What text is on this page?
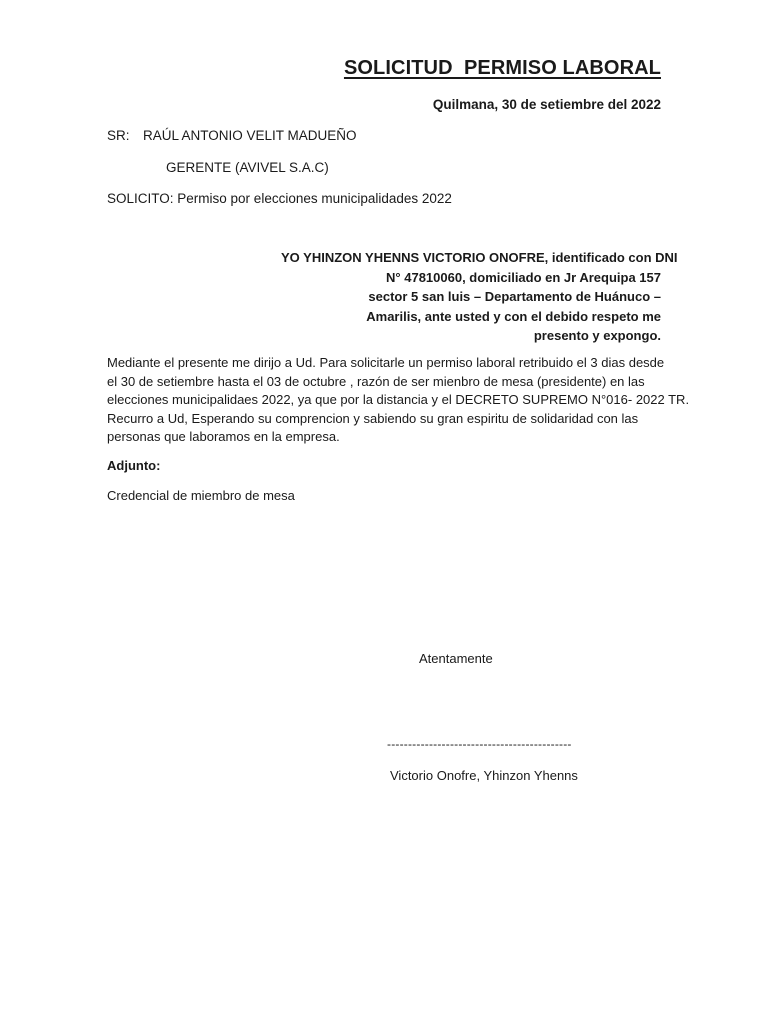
SOLICITUD  PERMISO LABORAL
Quilmana, 30 de setiembre del 2022
SR: RAÚL ANTONIO VELIT MADUEÑO
GERENTE (AVIVEL S.A.C)
SOLICITO: Permiso por elecciones municipalidades 2022
YO YHINZON YHENNS VICTORIO ONOFRE, identificado con DNI
N° 47810060, domiciliado en Jr Arequipa 157
sector 5 san luis – Departamento de Huánuco –
Amarilis, ante usted y con el debido respeto me
presento y expongo.
Mediante el presente me dirijo a Ud. Para solicitarle un permiso laboral retribuido el 3 dias desde
el 30 de setiembre hasta el 03 de octubre , razón de ser mienbro de mesa (presidente) en las
elecciones municipalidaes 2022, ya que por la distancia y el DECRETO SUPREMO N°016- 2022 TR.
Recurro a Ud, Esperando su comprencion y sabiendo su gran espiritu de solidaridad con las
personas que laboramos en la empresa.
Adjunto:
Credencial de miembro de mesa
Atentamente
--------------------------------------------
Victorio Onofre, Yhinzon Yhenns
